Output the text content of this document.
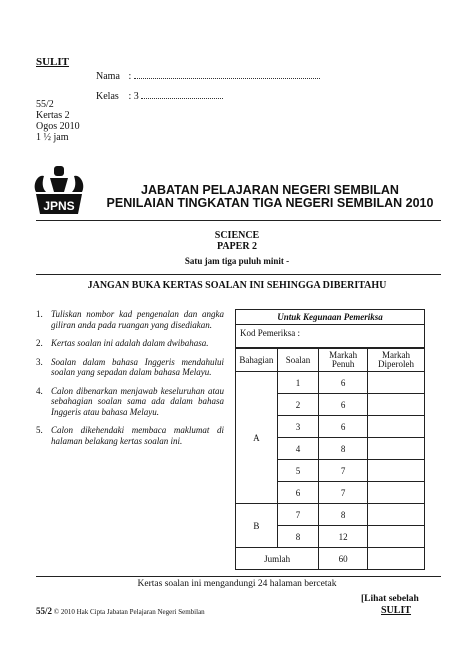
SULIT
Nama :
Kelas : 3
55/2
Kertas 2
Ogos 2010
1 ½ jam
JPNS
JABATAN PELAJARAN NEGERI SEMBILAN
PENILAIAN TINGKATAN TIGA NEGERI SEMBILAN 2010
SCIENCE
PAPER 2
Satu jam tiga puluh minit -
JANGAN BUKA KERTAS SOALAN INI SEHINGGA DIBERITAHU
1. Tuliskan nombor kad pengenalan dan angka giliran anda pada ruangan yang disediakan.
2. Kertas soalan ini adalah dalam dwibahasa.
3. Soalan dalam bahasa Inggeris mendahului soalan yang sepadan dalam bahasa Melayu.
4. Calon dibenarkan menjawab keseluruhan atau sebahagian soalan sama ada dalam bahasa Inggeris atau bahasa Melayu.
5. Calon dikehendaki membaca maklumat di halaman belakang kertas soalan ini.
Untuk Kegunaan Pemeriksa
Kod Pemeriksa :
Bahagian	Soalan	Markah Penuh	Markah Diperoleh
A	1	6	
	2	6	
	3	6	
	4	8	
	5	7	
	6	7	
B	7	8	
	8	12	
Jumlah		60	
Kertas soalan ini mengandungi 24 halaman bercetak
[Lihat sebelah
55/2 © 2010 Hak Cipta Jabatan Pelajaran Negeri Sembilan	SULIT
